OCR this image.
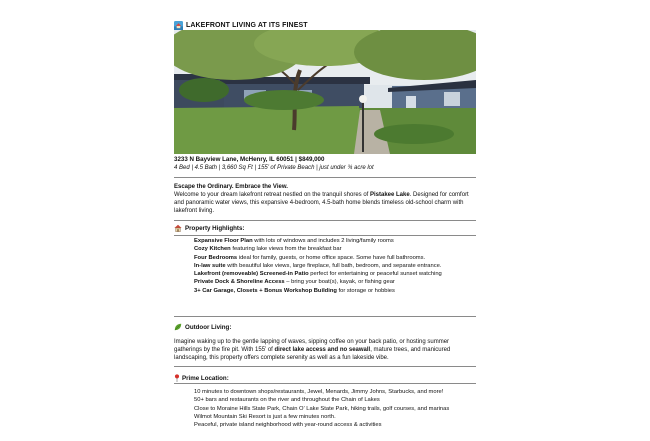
LAKEFRONT LIVING AT ITS FINEST
3233 N Bayview Lane, McHenry, IL 60051 | $849,000
4 Bed | 4.5 Bath | 3,660 Sq Ft | 155’ of Private Beach | just under ¾ acre lot
Escape the Ordinary. Embrace the View.
Welcome to your dream lakefront retreat nestled on the tranquil shores of Pistakee Lake. Designed for comfort and panoramic water views, this expansive 4-bedroom, 4.5-bath home blends timeless old-school charm with lakefront living.
Property Highlights:
Expansive Floor Plan with lots of windows and includes 2 living/family rooms
Cozy Kitchen featuring lake views from the breakfast bar
Four Bedrooms ideal for family, guests, or home office space. Some have full bathrooms.
In-law suite with beautiful lake views, large fireplace, full bath, bedroom, and separate entrance.
Lakefront (removeable) Screened-in Patio perfect for entertaining or peaceful sunset watching
Private Dock & Shoreline Access – bring your boat(s), kayak, or fishing gear
3+ Car Garage, Closets + Bonus Workshop Building for storage or hobbies
Outdoor Living:
Imagine waking up to the gentle lapping of waves, sipping coffee on your back patio, or hosting summer gatherings by the fire pit. With 155’ of direct lake access and no seawall, mature trees, and manicured landscaping, this property offers complete serenity as well as a fun lakeside vibe.
Prime Location:
10 minutes to downtown shops/restaurants, Jewel, Menards, Jimmy Johns, Starbucks, and more!
50+ bars and restaurants on the river and throughout the Chain of Lakes
Close to Moraine Hills State Park, Chain O’ Lake State Park, hiking trails, golf courses, and marinas
Wilmot Mountain Ski Resort is just a few minutes north.
Peaceful, private island neighborhood with year-round access & activities
